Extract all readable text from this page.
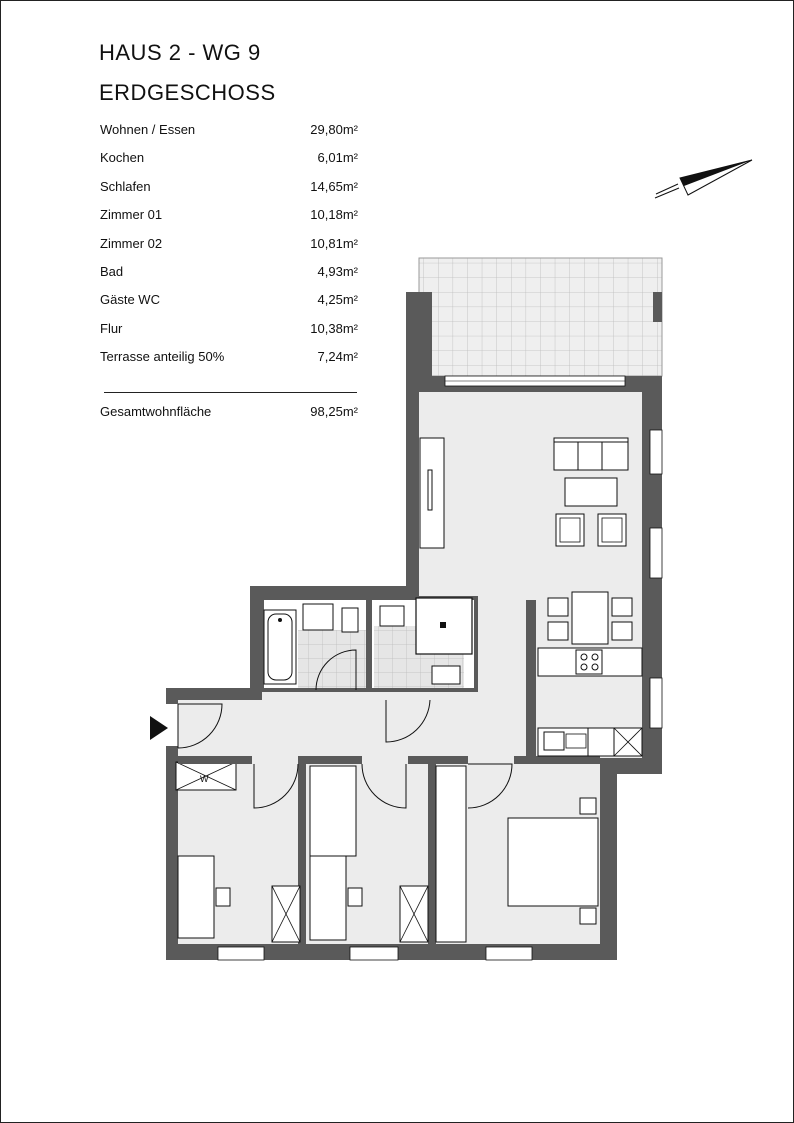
HAUS 2 - WG 9
ERDGESCHOSS
Wohnen / Essen	29,80m²
Kochen	6,01m²
Schlafen	14,65m²
Zimmer 01	10,18m²
Zimmer 02	10,81m²
Bad	4,93m²
Gäste WC	4,25m²
Flur	10,38m²
Terrasse anteilig 50%	7,24m²
Gesamtwohnfläche	98,25m²
W
